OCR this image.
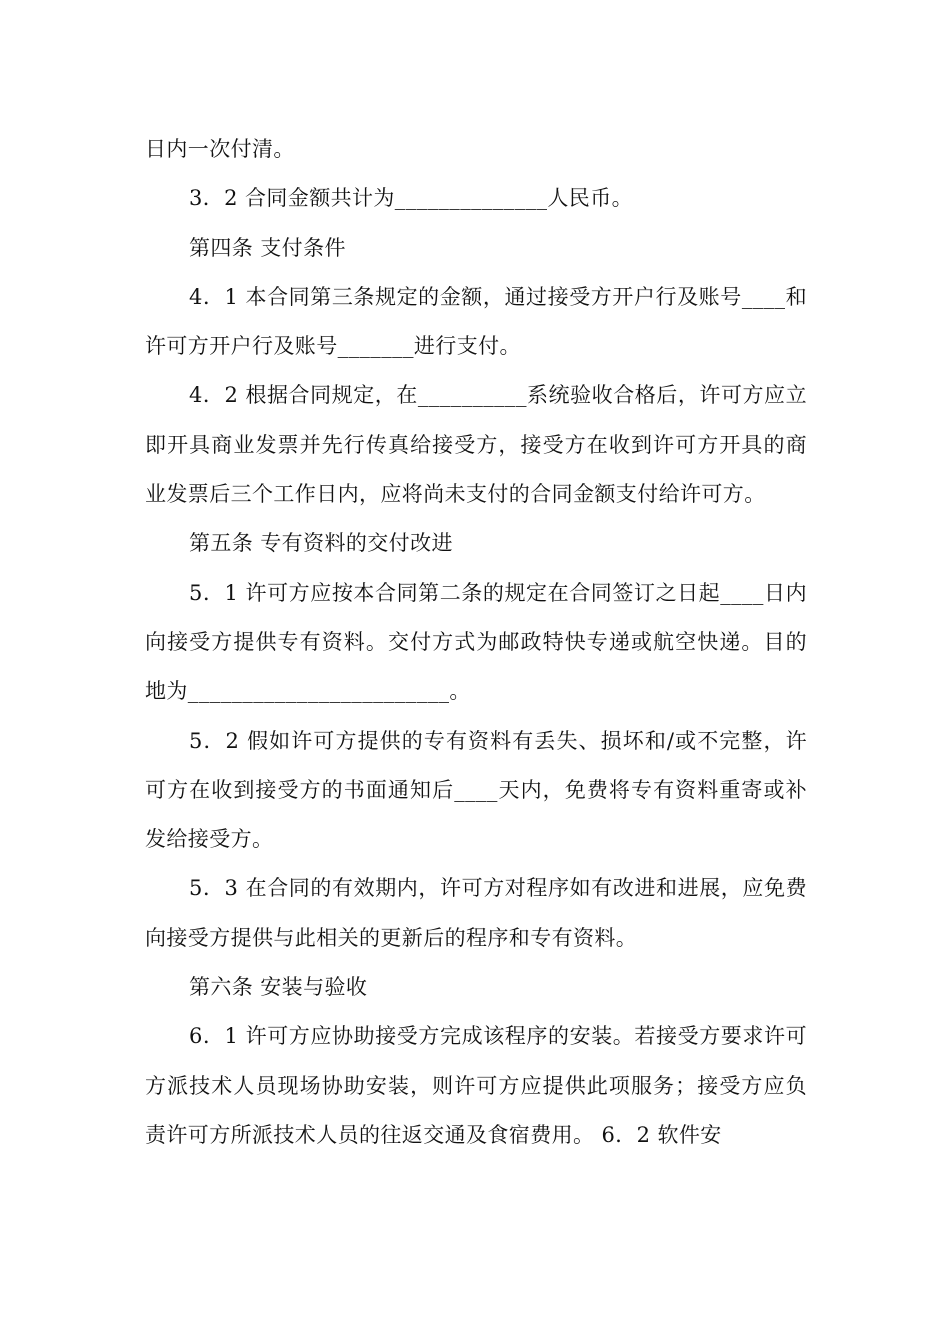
日内一次付清。

3．2 合同金额共计为______________人民币。

第四条 支付条件

4．1 本合同第三条规定的金额，通过接受方开户行及账号____和许可方开户行及账号_______进行支付。

4．2 根据合同规定，在__________系统验收合格后，许可方应立即开具商业发票并先行传真给接受方，接受方在收到许可方开具的商业发票后三个工作日内，应将尚未支付的合同金额支付给许可方。

第五条 专有资料的交付改进

5．1 许可方应按本合同第二条的规定在合同签订之日起____日内向接受方提供专有资料。交付方式为邮政特快专递或航空快递。目的地为________________________。

5．2 假如许可方提供的专有资料有丢失、损坏和/或不完整，许可方在收到接受方的书面通知后____天内，免费将专有资料重寄或补发给接受方。

5．3 在合同的有效期内，许可方对程序如有改进和进展，应免费向接受方提供与此相关的更新后的程序和专有资料。

第六条 安装与验收

6．1 许可方应协助接受方完成该程序的安装。若接受方要求许可方派技术人员现场协助安装，则许可方应提供此项服务；接受方应负责许可方所派技术人员的往返交通及食宿费用。 6．2 软件安
